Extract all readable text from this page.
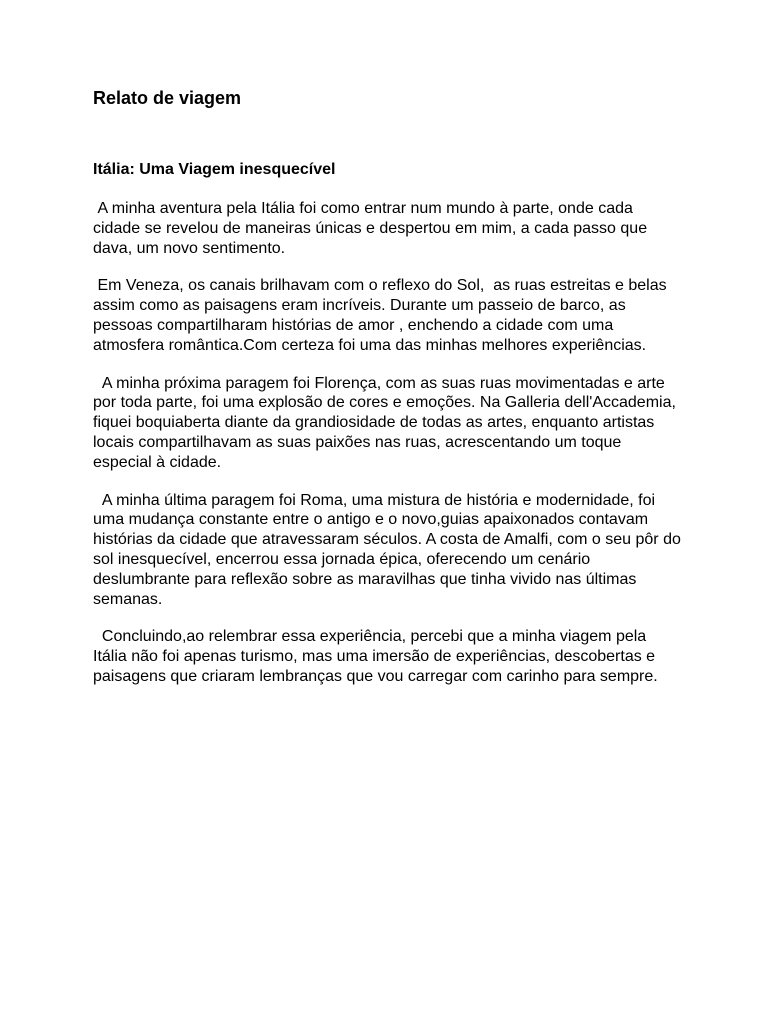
Relato de viagem
Itália: Uma Viagem inesquecível

A minha aventura pela Itália foi como entrar num mundo à parte, onde cada cidade se revelou de maneiras únicas e despertou em mim, a cada passo que dava, um novo sentimento.

Em Veneza, os canais brilhavam com o reflexo do Sol,  as ruas estreitas e belas assim como as paisagens eram incríveis. Durante um passeio de barco, as pessoas compartilharam histórias de amor , enchendo a cidade com uma atmosfera romântica.Com certeza foi uma das minhas melhores experiências.

A minha próxima paragem foi Florença, com as suas ruas movimentadas e arte por toda parte, foi uma explosão de cores e emoções. Na Galleria dell'Accademia, fiquei boquiaberta diante da grandiosidade de todas as artes, enquanto artistas locais compartilhavam as suas paixões nas ruas, acrescentando um toque especial à cidade.

A minha última paragem foi Roma, uma mistura de história e modernidade, foi uma mudança constante entre o antigo e o novo,guias apaixonados contavam histórias da cidade que atravessaram séculos. A costa de Amalfi, com o seu pôr do sol inesquecível, encerrou essa jornada épica, oferecendo um cenário deslumbrante para reflexão sobre as maravilhas que tinha vivido nas últimas semanas.

Concluindo,ao relembrar essa experiência, percebi que a minha viagem pela Itália não foi apenas turismo, mas uma imersão de experiências, descobertas e paisagens que criaram lembranças que vou carregar com carinho para sempre.
